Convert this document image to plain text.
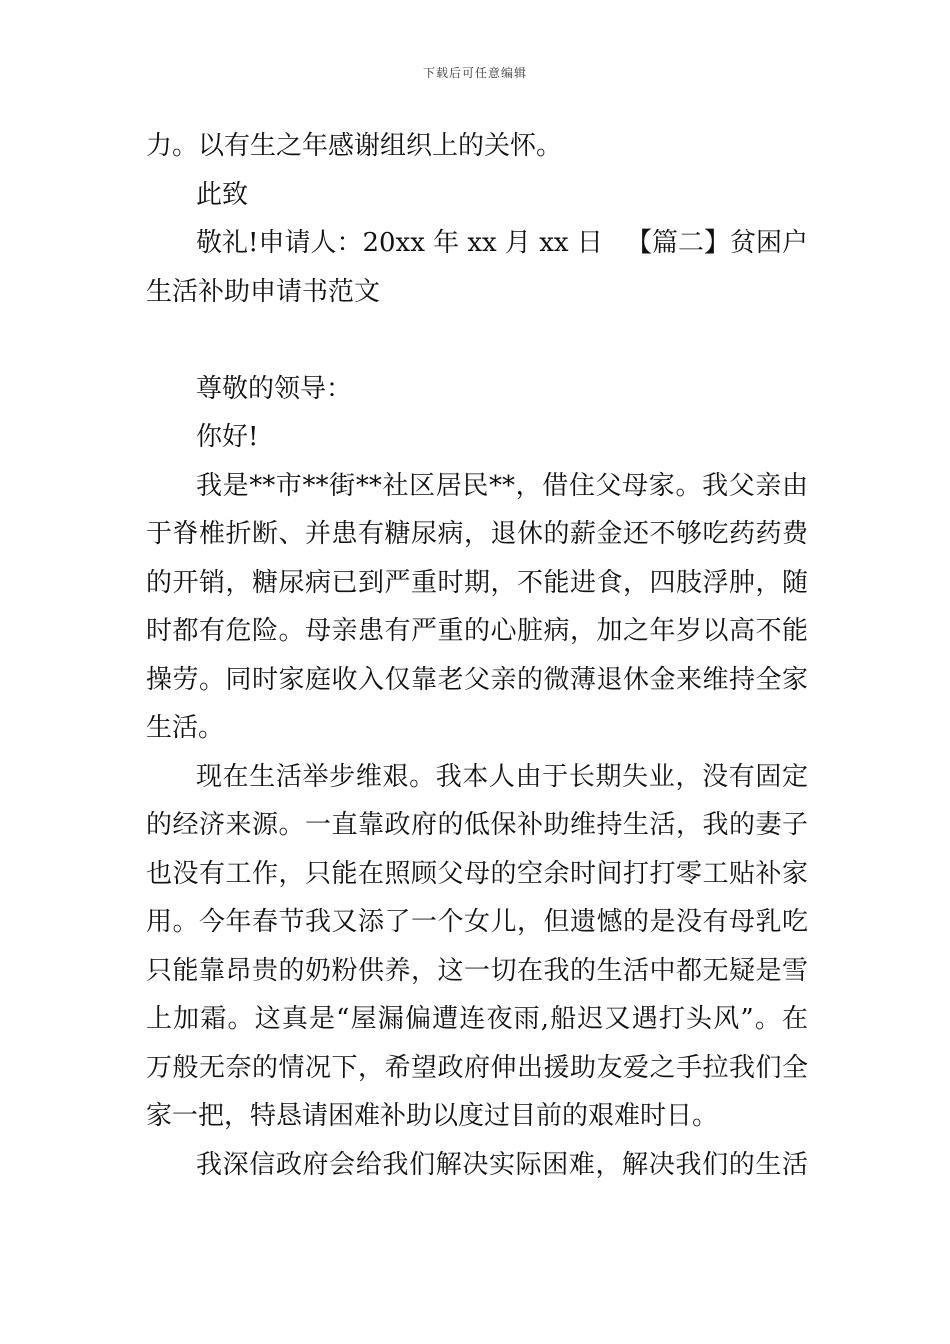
下载后可任意编辑
力。以有生之年感谢组织上的关怀。
此致
敬礼!申请人：20xx 年 xx 月 xx 日 【篇二】贫困户
生活补助申请书范文
尊敬的领导：
你好!
我是**市**街**社区居民**，借住父母家。我父亲由
于脊椎折断、并患有糖尿病，退休的薪金还不够吃药药费
的开销，糖尿病已到严重时期，不能进食，四肢浮肿，随
时都有危险。母亲患有严重的心脏病，加之年岁以高不能
操劳。同时家庭收入仅靠老父亲的微薄退休金来维持全家
生活。
现在生活举步维艰。我本人由于长期失业，没有固定
的经济来源。一直靠政府的低保补助维持生活，我的妻子
也没有工作，只能在照顾父母的空余时间打打零工贴补家
用。今年春节我又添了一个女儿，但遗憾的是没有母乳吃
只能靠昂贵的奶粉供养，这一切在我的生活中都无疑是雪
上加霜。这真是“屋漏偏遭连夜雨,船迟又遇打头风”。在
万般无奈的情况下，希望政府伸出援助友爱之手拉我们全
家一把，特恳请困难补助以度过目前的艰难时日。
我深信政府会给我们解决实际困难，解决我们的生活
